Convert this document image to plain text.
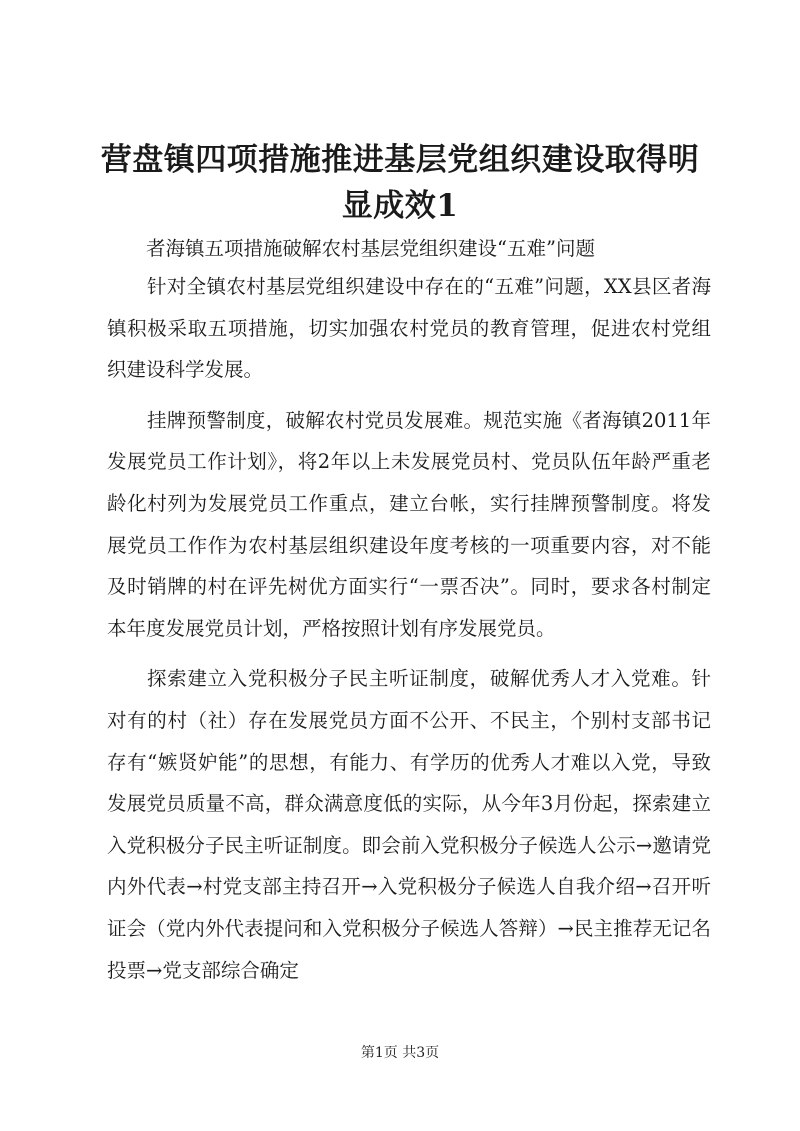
营盘镇四项措施推进基层党组织建设取得明显成效1
者海镇五项措施破解农村基层党组织建设“五难”问题

针对全镇农村基层党组织建设中存在的“五难”问题，XX县区者海镇积极采取五项措施，切实加强农村党员的教育管理，促进农村党组织建设科学发展。

挂牌预警制度，破解农村党员发展难。规范实施《者海镇2011年发展党员工作计划》，将2年以上未发展党员村、党员队伍年龄严重老龄化村列为发展党员工作重点，建立台帐，实行挂牌预警制度。将发展党员工作作为农村基层组织建设年度考核的一项重要内容，对不能及时销牌的村在评先树优方面实行“一票否决”。同时，要求各村制定本年度发展党员计划，严格按照计划有序发展党员。

探索建立入党积极分子民主听证制度，破解优秀人才入党难。针对有的村（社）存在发展党员方面不公开、不民主，个别村支部书记存有“嫉贤妒能”的思想，有能力、有学历的优秀人才难以入党，导致发展党员质量不高，群众满意度低的实际，从今年3月份起，探索建立入党积极分子民主听证制度。即会前入党积极分子候选人公示→邀请党内外代表→村党支部主持召开→入党积极分子候选人自我介绍→召开听证会（党内外代表提问和入党积极分子候选人答辩）→民主推荐无记名投票→党支部综合确定

第1页 共3页
